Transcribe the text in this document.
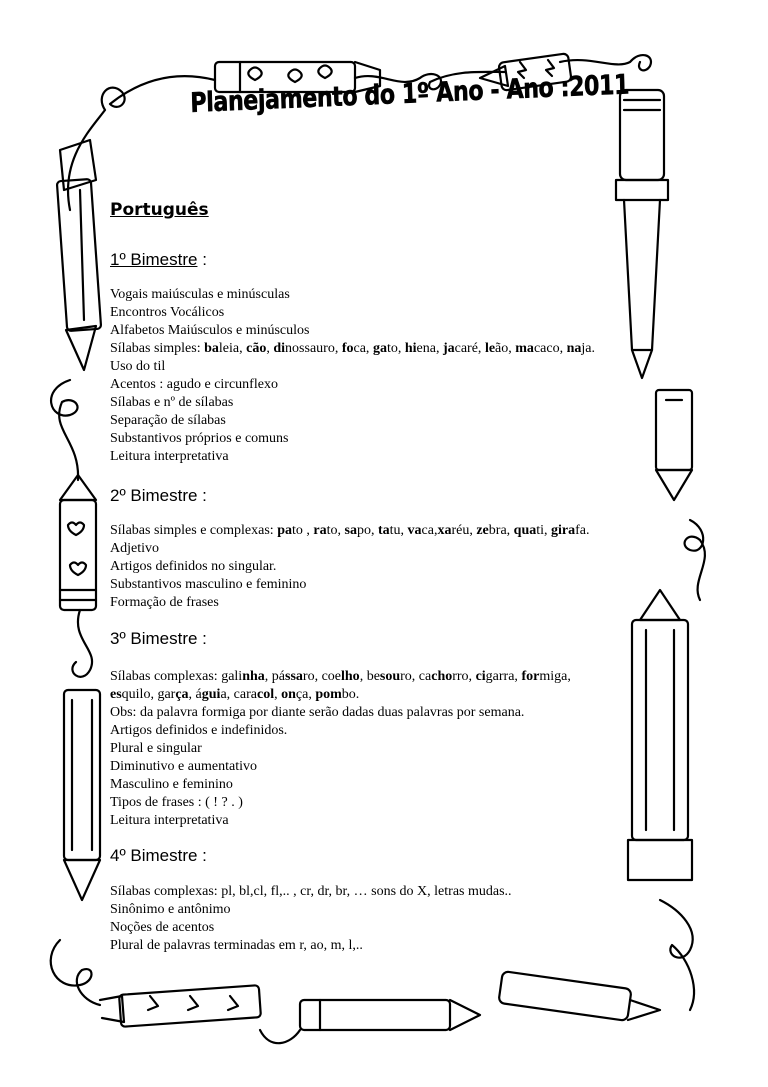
Planejamento do 1º Ano - Ano :2011
Português
1º Bimestre :
Vogais maiúsculas e minúsculas
Encontros Vocálicos
Alfabetos Maiúsculos e minúsculos
Sílabas simples: baleia, cão, dinossauro, foca, gato, hiena, jacaré, leão, macaco, naja.
Uso do til
Acentos : agudo e circunflexo
Sílabas e nº de sílabas
Separação de sílabas
Substantivos próprios e comuns
Leitura interpretativa
2º Bimestre :
Sílabas simples e complexas: pato , rato, sapo, tatu, vaca,xaréu, zebra, quati, girafa.
Adjetivo
Artigos definidos no singular.
Substantivos masculino e feminino
Formação de frases
3º Bimestre :
Sílabas complexas: galinha, pássaro, coelho, besouro, cachorro, cigarra, formiga,
esquilo, garça, águia, caracol, onça, pombo.
Obs: da palavra formiga por diante serão dadas duas palavras por semana.
Artigos definidos e indefinidos.
Plural e singular
Diminutivo e aumentativo
Masculino e feminino
Tipos de frases : ( ! ? . )
Leitura interpretativa
4º Bimestre :
Sílabas complexas: pl, bl,cl, fl,.. , cr, dr, br, … sons do X, letras mudas..
Sinônimo e antônimo
Noções de acentos
Plural de palavras terminadas em r, ao, m, l,..
